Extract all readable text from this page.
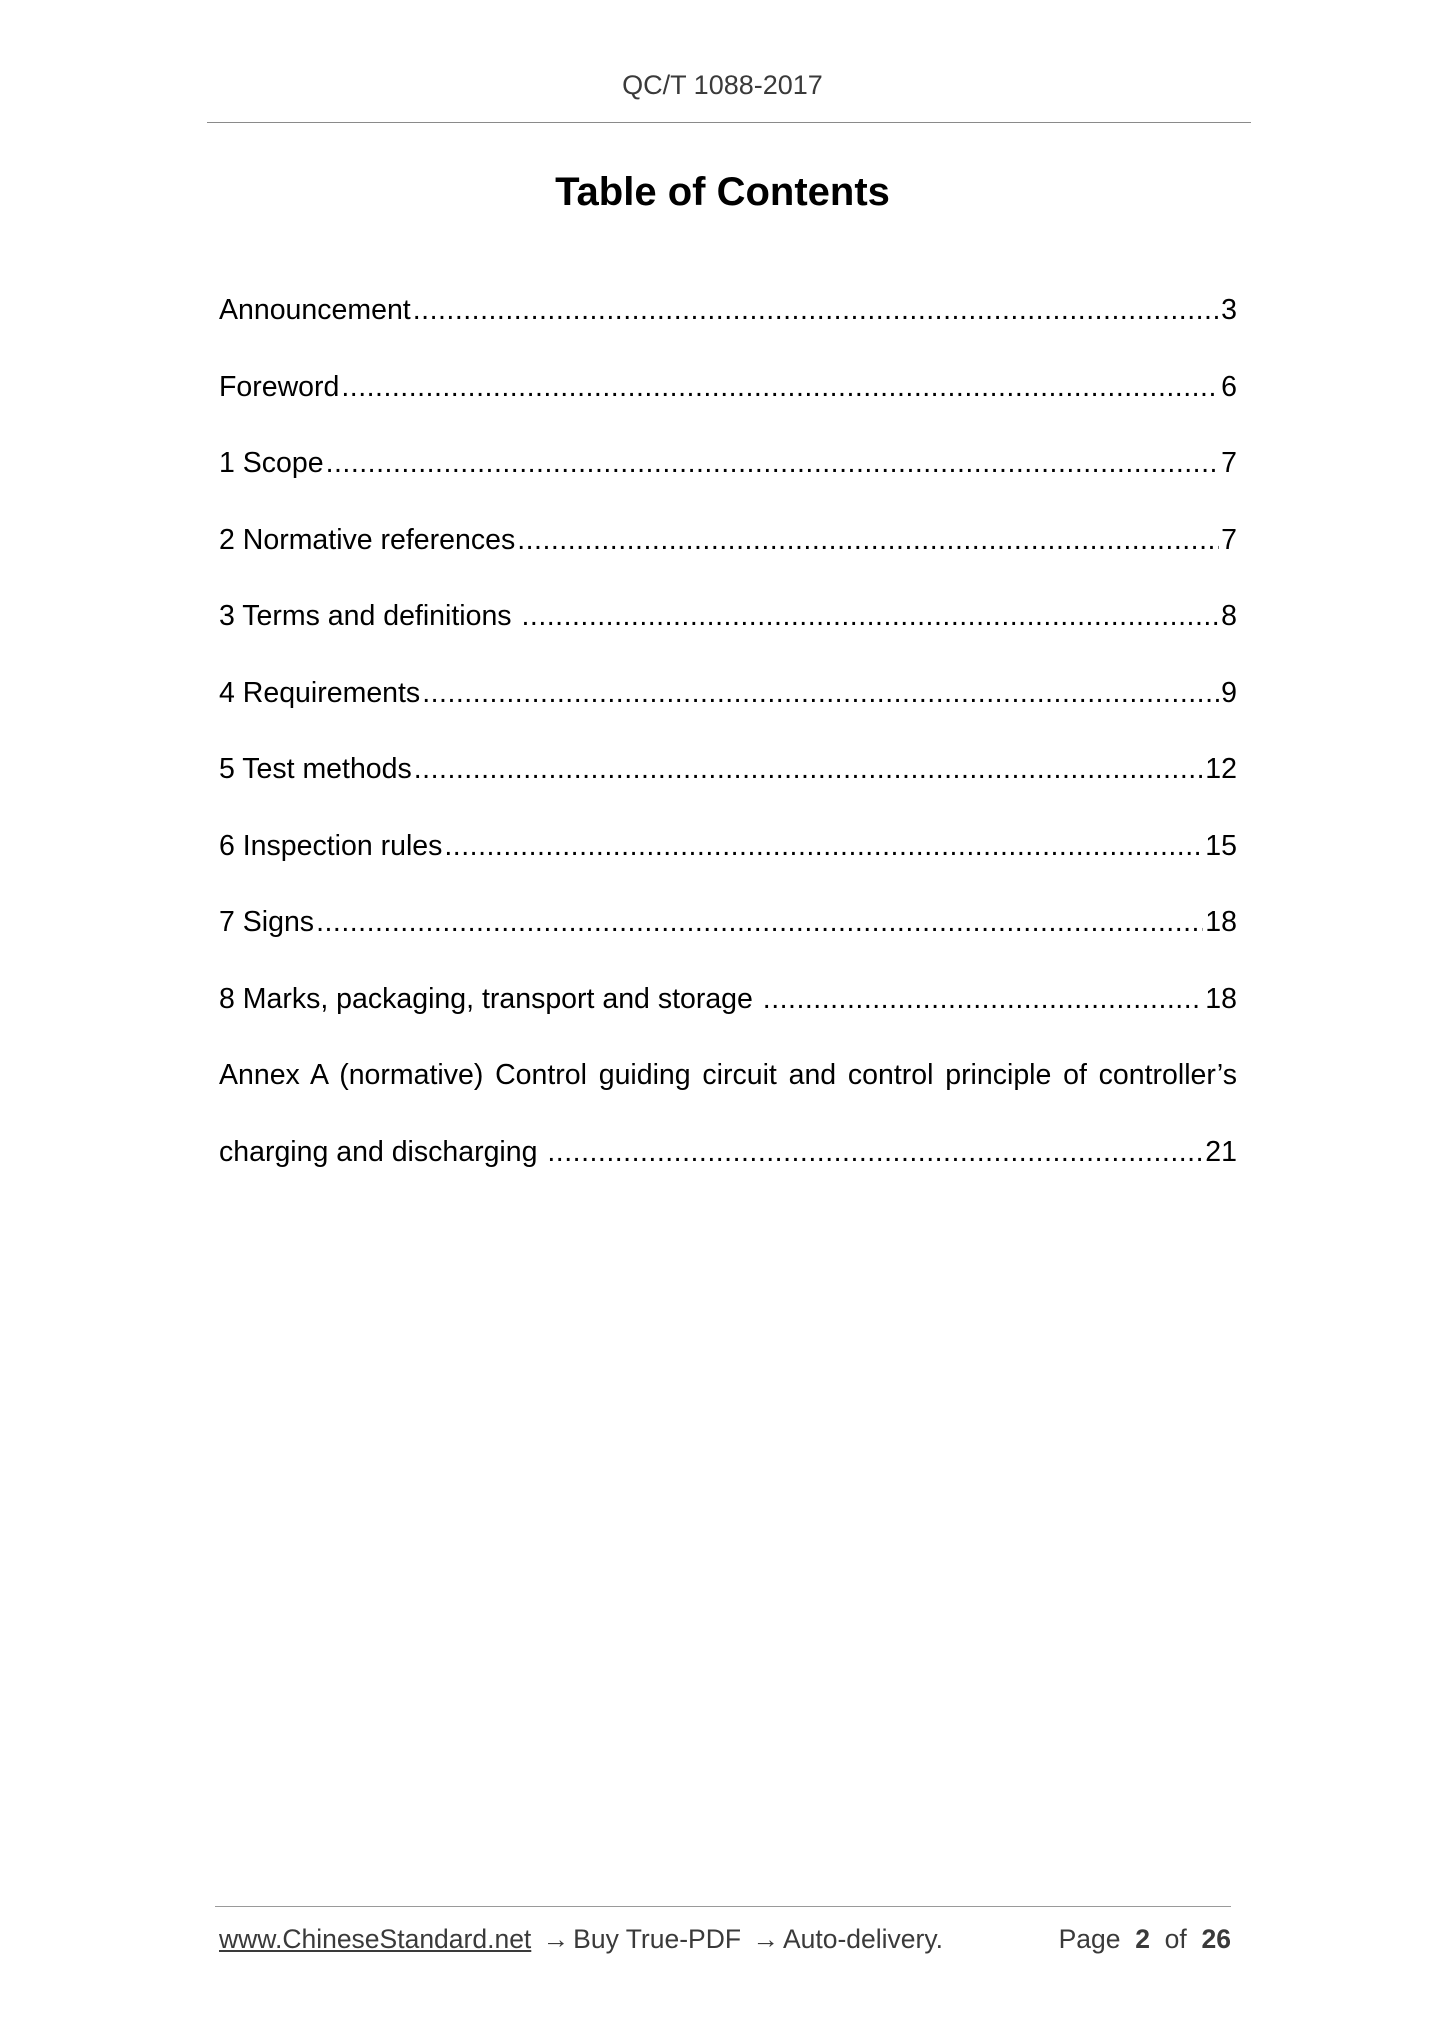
QC/T 1088-2017
Table of Contents
Announcement .....	3
Foreword .....	6
1 Scope .....	7
2 Normative references .....	7
3 Terms and definitions .....	8
4 Requirements .....	9
5 Test methods .....	12
6 Inspection rules .....	15
7 Signs .....	18
8 Marks, packaging, transport and storage .....	18
Annex A (normative) Control guiding circuit and control principle of controller’s
charging and discharging .....	21
www.ChineseStandard.net → Buy True-PDF → Auto-delivery.	Page 2 of 26
